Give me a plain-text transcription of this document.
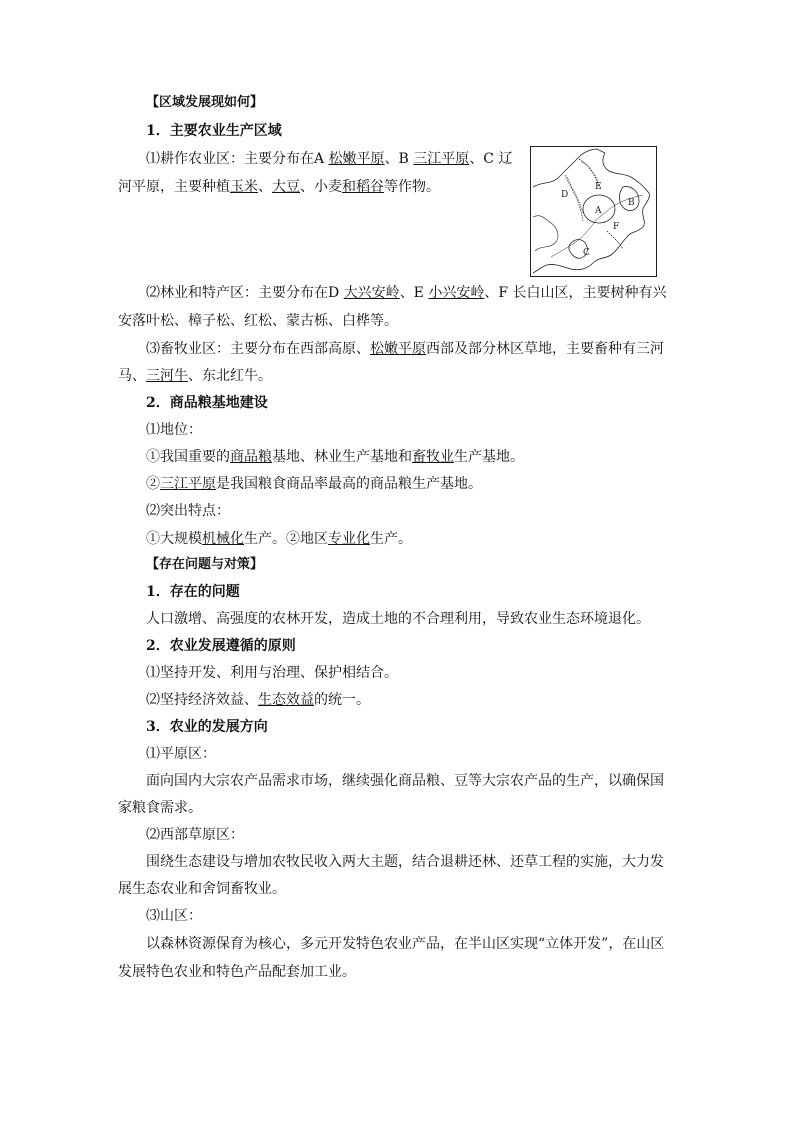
【区域发展现如何】
1．主要农业生产区域
⑴耕作农业区：主要分布在A 松嫩平原、B 三江平原、C 辽
河平原，主要种植玉米、大豆、小麦和稻谷等作物。	D
E
A
B
C
F
⑵林业和特产区：主要分布在D 大兴安岭、E 小兴安岭、F 长白山区，主要树种有兴
安落叶松、樟子松、红松、蒙古栎、白桦等。
⑶畜牧业区：主要分布在西部高原、松嫩平原西部及部分林区草地，主要畜种有三河
马、三河牛、东北红牛。
2．商品粮基地建设
⑴地位：
①我国重要的商品粮基地、林业生产基地和畜牧业生产基地。
②三江平原是我国粮食商品率最高的商品粮生产基地。
⑵突出特点：
①大规模机械化生产。②地区专业化生产。
【存在问题与对策】
1．存在的问题
人口激增、高强度的农林开发，造成土地的不合理利用，导致农业生态环境退化。
2．农业发展遵循的原则
⑴坚持开发、利用与治理、保护相结合。
⑵坚持经济效益、生态效益的统一。
3．农业的发展方向
⑴平原区：
面向国内大宗农产品需求市场，继续强化商品粮、豆等大宗农产品的生产，以确保国
家粮食需求。
⑵西部草原区：
围绕生态建设与增加农牧民收入两大主题，结合退耕还林、还草工程的实施，大力发
展生态农业和舍饲畜牧业。
⑶山区：
以森林资源保育为核心，多元开发特色农业产品，在半山区实现“立体开发”，在山区
发展特色农业和特色产品配套加工业。
